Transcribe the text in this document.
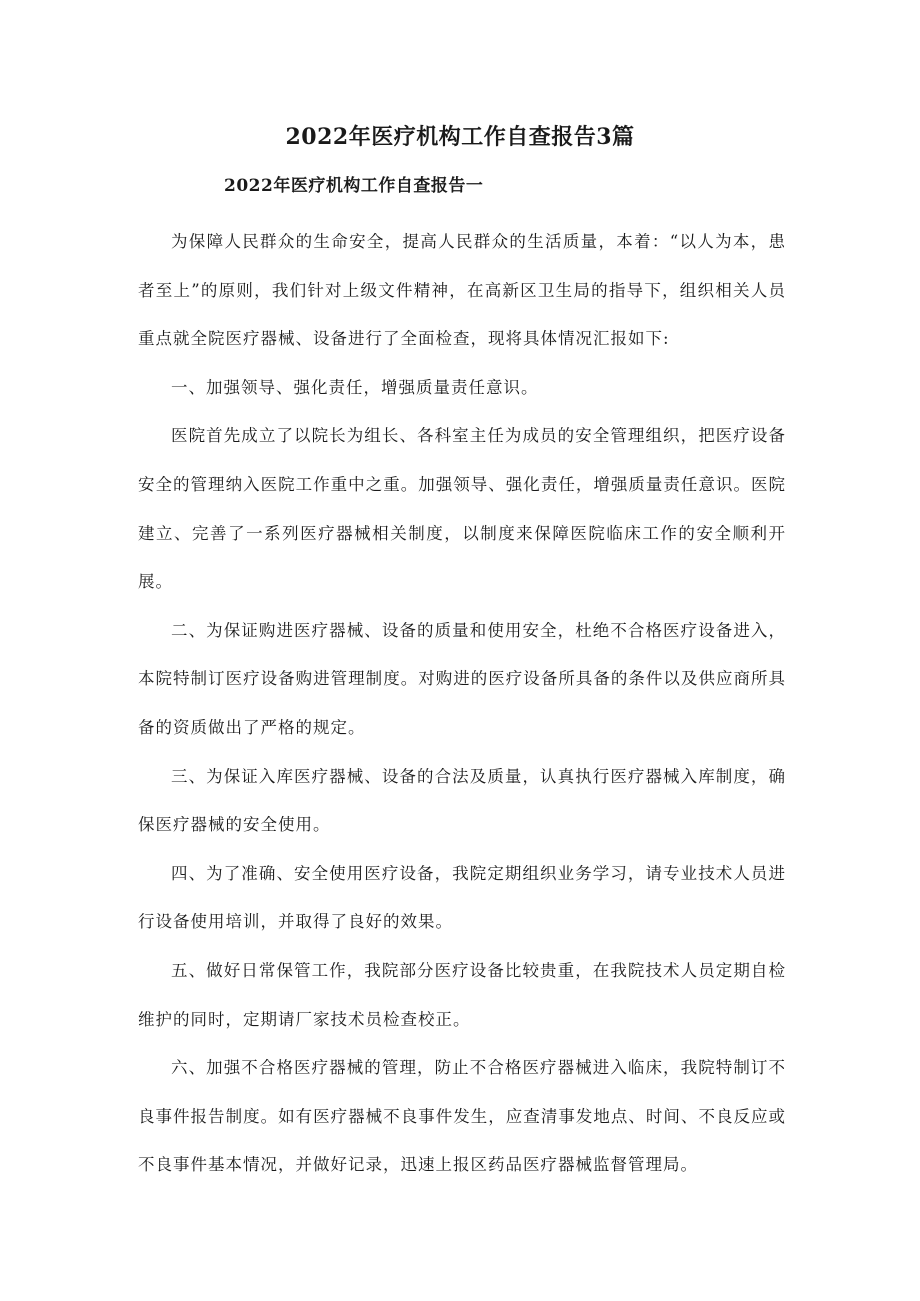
2022年医疗机构工作自查报告3篇
2022年医疗机构工作自查报告一

为保障人民群众的生命安全，提高人民群众的生活质量，本着：“以人为本，患者至上”的原则，我们针对上级文件精神，在高新区卫生局的指导下，组织相关人员重点就全院医疗器械、设备进行了全面检查，现将具体情况汇报如下:

一、加强领导、强化责任，增强质量责任意识。

医院首先成立了以院长为组长、各科室主任为成员的安全管理组织，把医疗设备安全的管理纳入医院工作重中之重。加强领导、强化责任，增强质量责任意识。医院建立、完善了一系列医疗器械相关制度，以制度来保障医院临床工作的安全顺利开展。

二、为保证购进医疗器械、设备的质量和使用安全，杜绝不合格医疗设备进入，本院特制订医疗设备购进管理制度。对购进的医疗设备所具备的条件以及供应商所具备的资质做出了严格的规定。

三、为保证入库医疗器械、设备的合法及质量，认真执行医疗器械入库制度，确保医疗器械的安全使用。

四、为了准确、安全使用医疗设备，我院定期组织业务学习，请专业技术人员进行设备使用培训，并取得了良好的效果。

五、做好日常保管工作，我院部分医疗设备比较贵重，在我院技术人员定期自检维护的同时，定期请厂家技术员检查校正。

六、加强不合格医疗器械的管理，防止不合格医疗器械进入临床，我院特制订不良事件报告制度。如有医疗器械不良事件发生，应查清事发地点、时间、不良反应或不良事件基本情况，并做好记录，迅速上报区药品医疗器械监督管理局。
